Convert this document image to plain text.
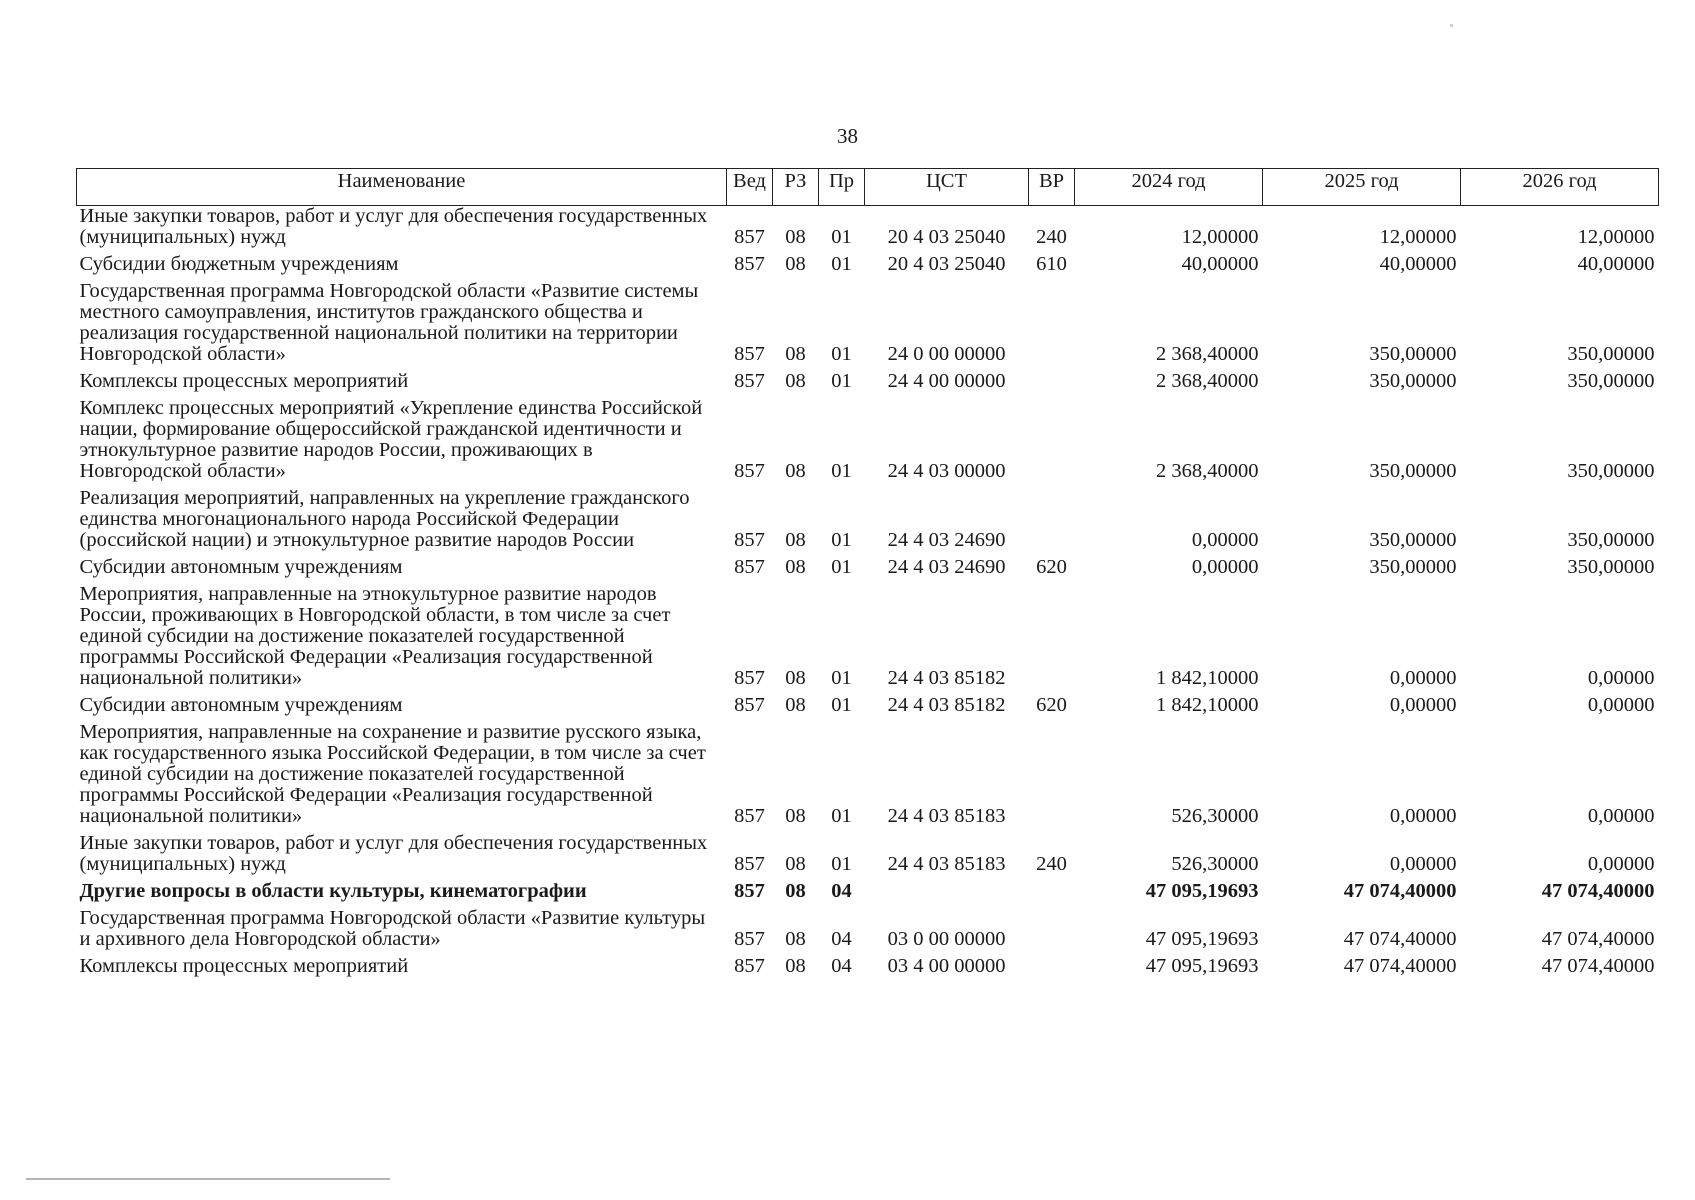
38
Наименование	Вед	РЗ	Пр	ЦСТ	ВР	2024 год	2025 год	2026 год
Иные закупки товаров, работ и услуг для обеспечения государственных (муниципальных) нужд	857	08	01	20 4 03 25040	240	12,00000	12,00000	12,00000
Субсидии бюджетным учреждениям	857	08	01	20 4 03 25040	610	40,00000	40,00000	40,00000
Государственная программа Новгородской области «Развитие системы местного самоуправления, институтов гражданского общества и реализация государственной национальной политики на территории Новгородской области»	857	08	01	24 0 00 00000		2 368,40000	350,00000	350,00000
Комплексы процессных мероприятий	857	08	01	24 4 00 00000		2 368,40000	350,00000	350,00000
Комплекс процессных мероприятий «Укрепление единства Российской нации, формирование общероссийской гражданской идентичности и этнокультурное развитие народов России, проживающих в Новгородской области»	857	08	01	24 4 03 00000		2 368,40000	350,00000	350,00000
Реализация мероприятий, направленных на укрепление гражданского единства многонационального народа Российской Федерации (российской нации) и этнокультурное развитие народов России	857	08	01	24 4 03 24690		0,00000	350,00000	350,00000
Субсидии автономным учреждениям	857	08	01	24 4 03 24690	620	0,00000	350,00000	350,00000
Мероприятия, направленные на этнокультурное развитие народов России, проживающих в Новгородской области, в том числе за счет единой субсидии на достижение показателей государственной программы Российской Федерации «Реализация государственной национальной политики»	857	08	01	24 4 03 85182		1 842,10000	0,00000	0,00000
Субсидии автономным учреждениям	857	08	01	24 4 03 85182	620	1 842,10000	0,00000	0,00000
Мероприятия, направленные на сохранение и развитие русского языка, как государственного языка Российской Федерации, в том числе за счет единой субсидии на достижение показателей государственной программы Российской Федерации «Реализация государственной национальной политики»	857	08	01	24 4 03 85183		526,30000	0,00000	0,00000
Иные закупки товаров, работ и услуг для обеспечения государственных (муниципальных) нужд	857	08	01	24 4 03 85183	240	526,30000	0,00000	0,00000
Другие вопросы в области культуры, кинематографии	857	08	04			47 095,19693	47 074,40000	47 074,40000
Государственная программа Новгородской области «Развитие культуры и архивного дела Новгородской области»	857	08	04	03 0 00 00000		47 095,19693	47 074,40000	47 074,40000
Комплексы процессных мероприятий	857	08	04	03 4 00 00000		47 095,19693	47 074,40000	47 074,40000
